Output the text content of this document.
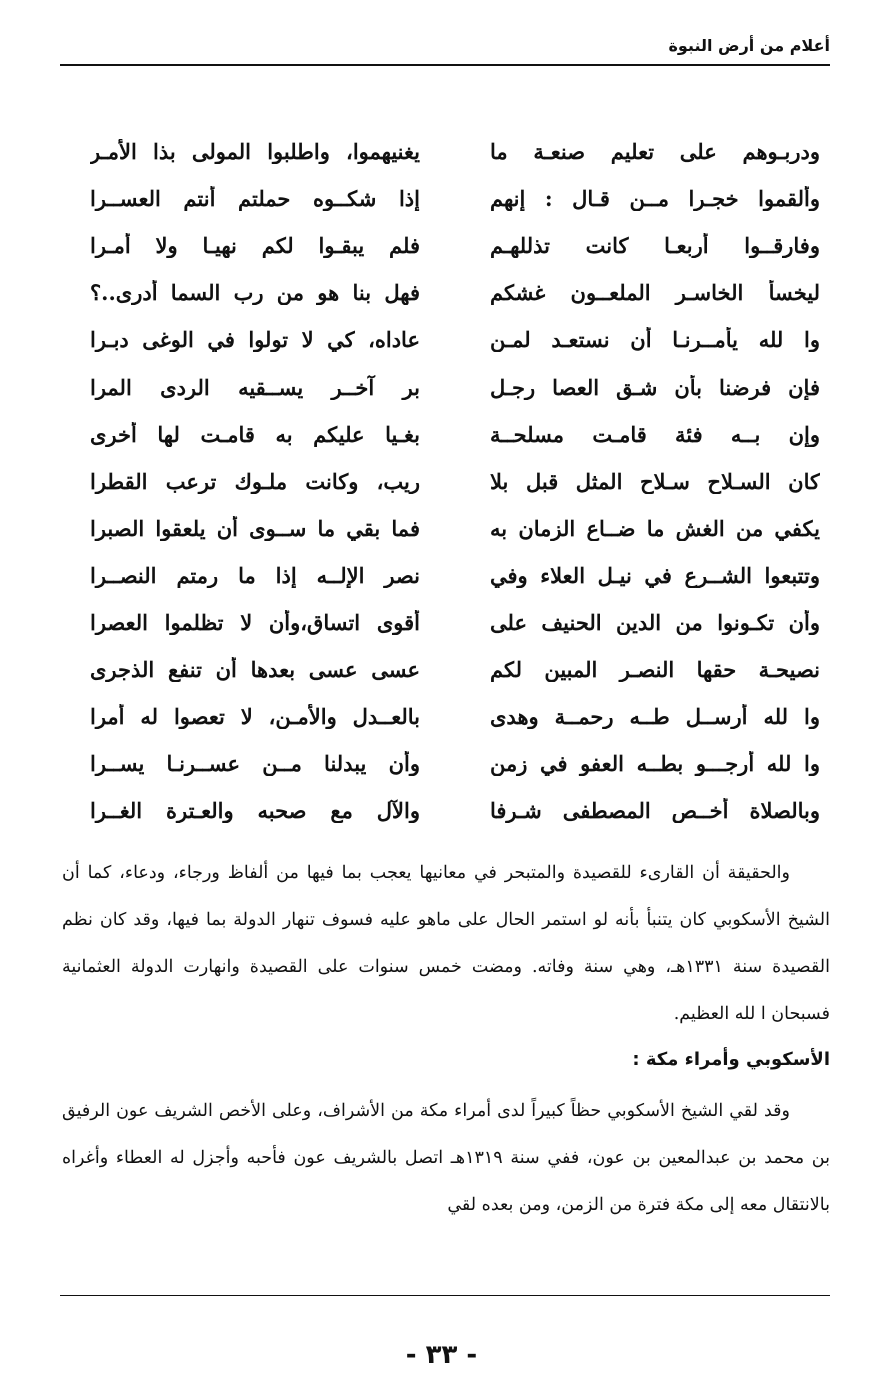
أعلام من أرض النبوة
ودربـوهم على تعليم صنعـة ما
يغنيهموا، واطلبوا المولى بذا الأمـر
وألقموا خجـرا مــن قـال : إنهم
إذا شكــوه حملتم أنتم العســرا
وفارقــوا أربعـا كانت تذللهـم
فلم يبقـوا لكم نهيـا ولا أمـرا
ليخسأ الخاسـر الملعــون غشكم
فهل بنا هو من رب السما أدرى..؟
وا لله يأمــرنـا أن نستعـد لمـن
عاداه، كي لا تولوا في الوغى دبـرا
فإن فرضنا بأن شـق العصا رجـل
بر آخــر يســقيه الردى المرا
وإن بــه فئة قامـت مسلحــة
بغـيا عليكم به قامـت لها أخرى
كان السـلاح سـلاح المثل قبل بلا
ريب، وكانت ملـوك ترعب القطرا
يكفي من الغش ما ضــاع الزمان به
فما بقي ما ســوى أن يلعقوا الصبرا
وتتبعوا الشــرع في نيـل العلاء وفي
نصر الإلــه إذا ما رمتم النصــرا
وأن تكـونوا من الدين الحنيف على
أقوى اتساق،وأن لا تظلموا العصرا
نصيحـة حقها النصـر المبين لكم
عسى عسى بعدها أن تنفع الذجرى
وا لله أرســل طــه رحمــة وهدى
بالعــدل والأمـن، لا تعصوا له أمرا
وا لله أرجـــو بطــه العفو في زمن
وأن يبدلنا مــن عســرنـا يســرا
وبالصلاة أخــص المصطفى شـرفا
والآل مع صحبه والعـترة الغــرا
والحقيقة أن القارىء للقصيدة والمتبحر في معانيها يعجب بما فيها من ألفاظ ورجاء، ودعاء، كما أن الشيخ الأسكوبي كان يتنبأ بأنه لو استمر الحال على ماهو عليه فسوف تنهار الدولة بما فيها، وقد كان نظم القصيدة سنة ١٣٣١هـ، وهي سنة وفاته. ومضت خمس سنوات على القصيدة وانهارت الدولة العثمانية فسبحان ا لله العظيم.
الأسكوبي وأمراء مكة :
وقد لقي الشيخ الأسكوبي حظاً كبيراً لدى أمراء مكة من الأشراف، وعلى الأخص الشريف عون الرفيق بن محمد بن عبدالمعين بن عون، ففي سنة ١٣١٩هـ اتصل بالشريف عون فأحبه وأجزل له العطاء وأغراه بالانتقال معه إلى مكة فترة من الزمن، ومن بعده لقي
- ٣٣ -
